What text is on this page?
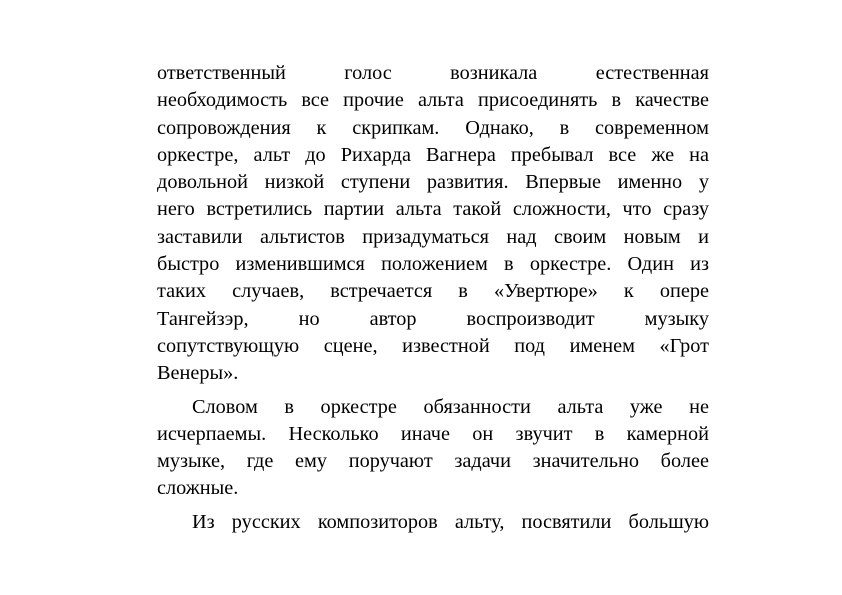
ответственный голос возникала естественная
необходимость все прочие альта присоединять в качестве
сопровождения к скрипкам. Однако, в современном
оркестре, альт до Рихарда Вагнера пребывал все же на
довольной низкой ступени развития. Впервые именно у
него встретились партии альта такой сложности, что сразу
заставили альтистов призадуматься над своим новым и
быстро изменившимся положением в оркестре. Один из
таких случаев, встречается в «Увертюре» к опере
Тангейзэр, но автор воспроизводит музыку
сопутствующую сцене, известной под именем «Грот
Венеры».
Словом в оркестре обязанности альта уже не
исчерпаемы. Несколько иначе он звучит в камерной
музыке, где ему поручают задачи значительно более
сложные.
Из русских композиторов альту, посвятили большую
